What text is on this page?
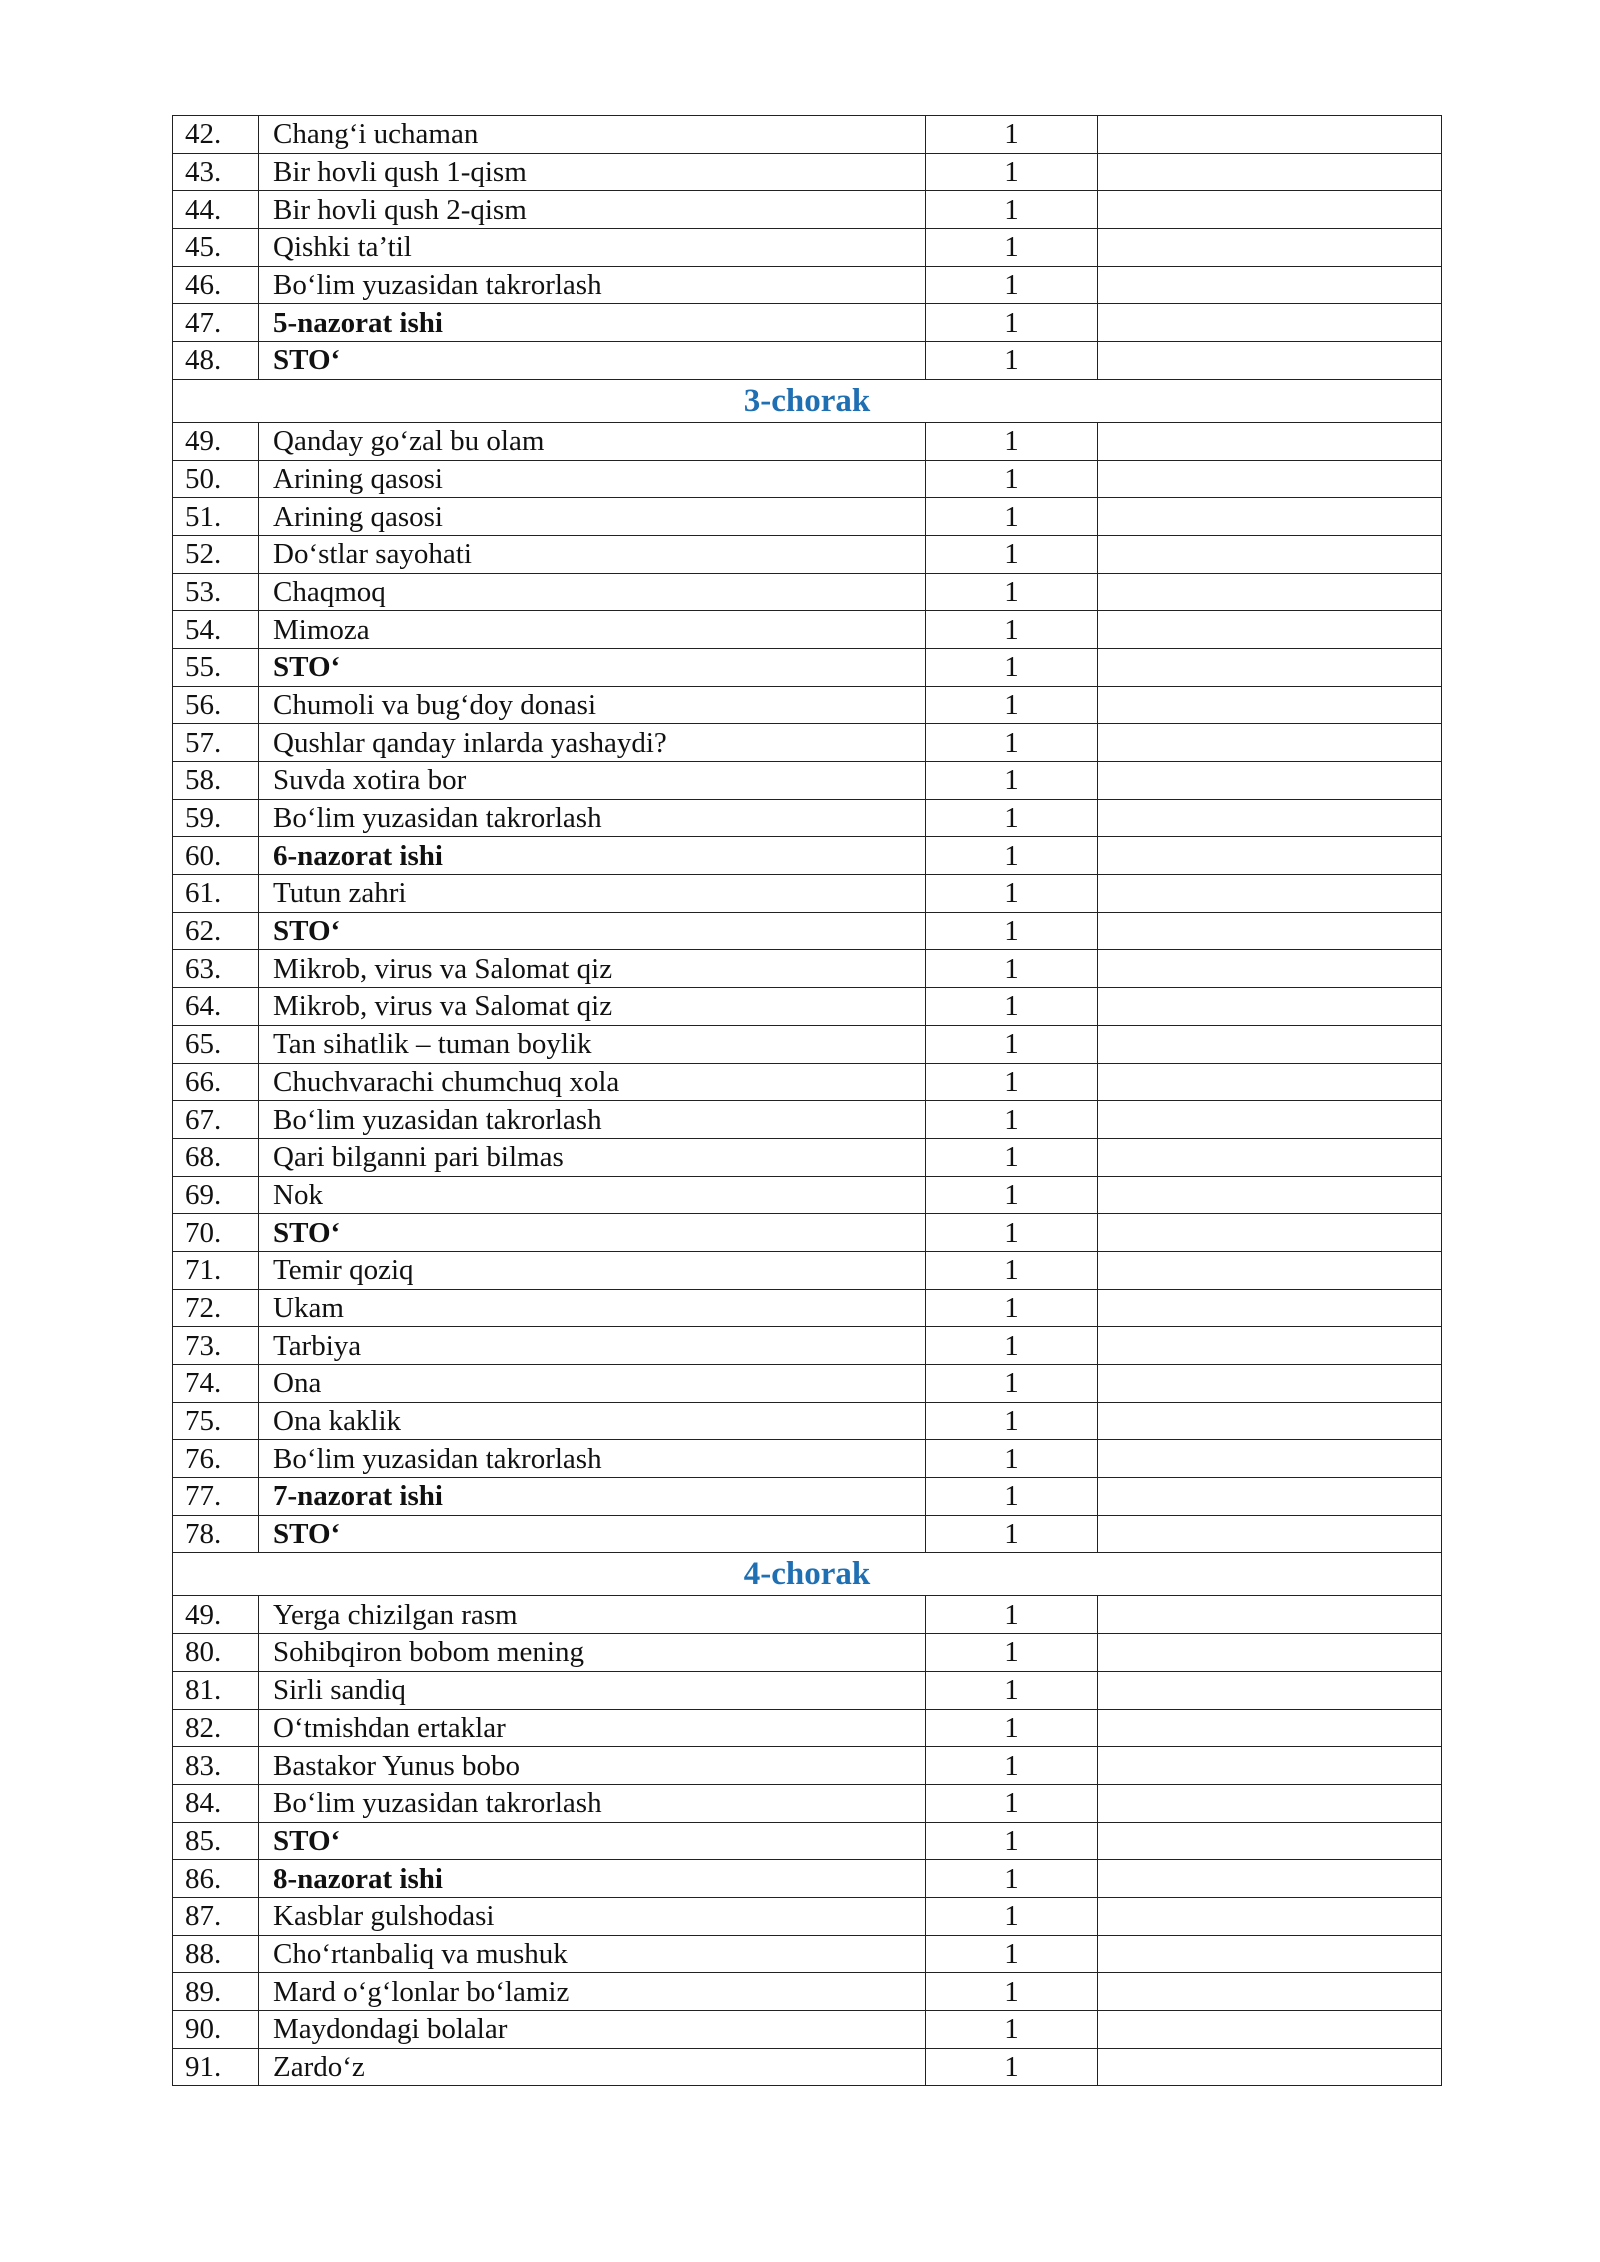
42.	Chang‘i uchaman	1	
43.	Bir hovli qush 1-qism	1	
44.	Bir hovli qush 2-qism	1	
45.	Qishki ta’til	1	
46.	Bo‘lim yuzasidan takrorlash	1	
47.	5-nazorat ishi	1	
48.	STO‘	1	
3-chorak			
49.	Qanday go‘zal bu olam	1	
50.	Arining qasosi	1	
51.	Arining qasosi	1	
52.	Do‘stlar sayohati	1	
53.	Chaqmoq	1	
54.	Mimoza	1	
55.	STO‘	1	
56.	Chumoli va bug‘doy donasi	1	
57.	Qushlar qanday inlarda yashaydi?	1	
58.	Suvda xotira bor	1	
59.	Bo‘lim yuzasidan takrorlash	1	
60.	6-nazorat ishi	1	
61.	Tutun zahri	1	
62.	STO‘	1	
63.	Mikrob, virus va Salomat qiz	1	
64.	Mikrob, virus va Salomat qiz	1	
65.	Tan sihatlik – tuman boylik	1	
66.	Chuchvarachi chumchuq xola	1	
67.	Bo‘lim yuzasidan takrorlash	1	
68.	Qari bilganni pari bilmas	1	
69.	Nok	1	
70.	STO‘	1	
71.	Temir qoziq	1	
72.	Ukam	1	
73.	Tarbiya	1	
74.	Ona	1	
75.	Ona kaklik	1	
76.	Bo‘lim yuzasidan takrorlash	1	
77.	7-nazorat ishi	1	
78.	STO‘	1	
4-chorak			
49.	Yerga chizilgan rasm	1	
80.	Sohibqiron bobom mening	1	
81.	Sirli sandiq	1	
82.	O‘tmishdan ertaklar	1	
83.	Bastakor Yunus bobo	1	
84.	Bo‘lim yuzasidan takrorlash	1	
85.	STO‘	1	
86.	8-nazorat ishi	1	
87.	Kasblar gulshodasi	1	
88.	Cho‘rtanbaliq va mushuk	1	
89.	Mard o‘g‘lonlar bo‘lamiz	1	
90.	Maydondagi bolalar	1	
91.	Zardo‘z	1	
